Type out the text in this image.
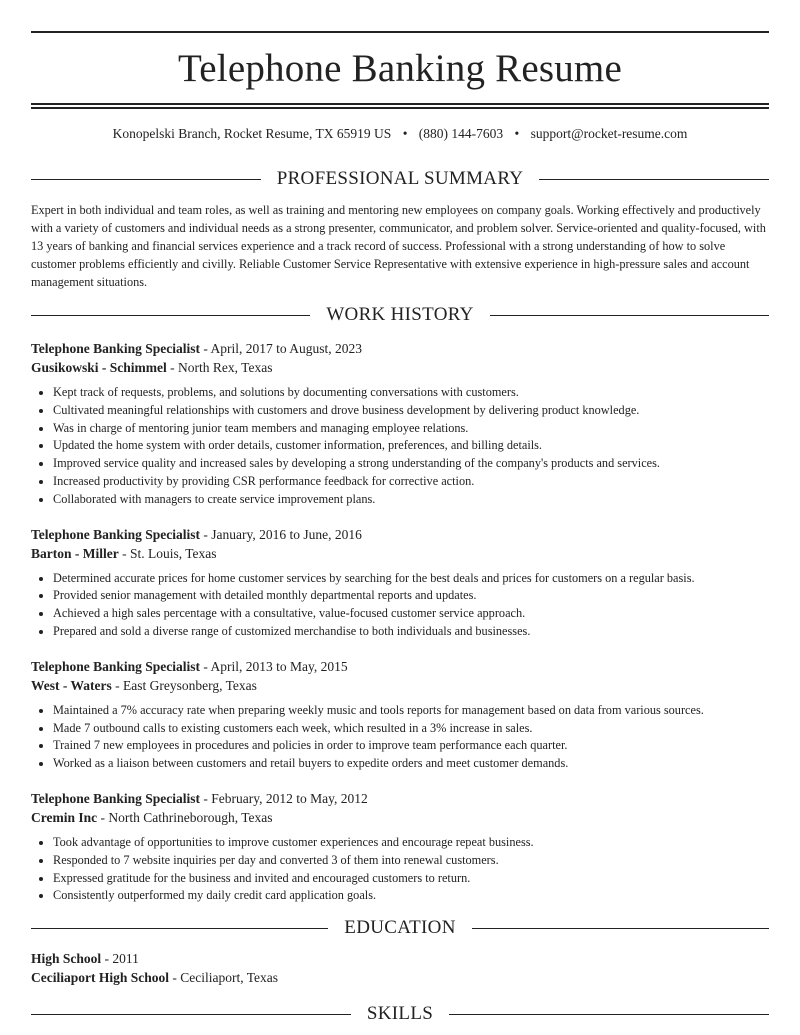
Telephone Banking Resume
Konopelski Branch, Rocket Resume, TX 65919 US • (880) 144-7603 • support@rocket-resume.com
PROFESSIONAL SUMMARY
Expert in both individual and team roles, as well as training and mentoring new employees on company goals. Working effectively and productively with a variety of customers and individual needs as a strong presenter, communicator, and problem solver. Service-oriented and quality-focused, with 13 years of banking and financial services experience and a track record of success. Professional with a strong understanding of how to solve customer problems efficiently and civilly. Reliable Customer Service Representative with extensive experience in high-pressure sales and account management situations.
WORK HISTORY
Telephone Banking Specialist - April, 2017 to August, 2023
Gusikowski - Schimmel - North Rex, Texas
• Kept track of requests, problems, and solutions by documenting conversations with customers.
• Cultivated meaningful relationships with customers and drove business development by delivering product knowledge.
• Was in charge of mentoring junior team members and managing employee relations.
• Updated the home system with order details, customer information, preferences, and billing details.
• Improved service quality and increased sales by developing a strong understanding of the company's products and services.
• Increased productivity by providing CSR performance feedback for corrective action.
• Collaborated with managers to create service improvement plans.
Telephone Banking Specialist - January, 2016 to June, 2016
Barton - Miller - St. Louis, Texas
• Determined accurate prices for home customer services by searching for the best deals and prices for customers on a regular basis.
• Provided senior management with detailed monthly departmental reports and updates.
• Achieved a high sales percentage with a consultative, value-focused customer service approach.
• Prepared and sold a diverse range of customized merchandise to both individuals and businesses.
Telephone Banking Specialist - April, 2013 to May, 2015
West - Waters - East Greysonberg, Texas
• Maintained a 7% accuracy rate when preparing weekly music and tools reports for management based on data from various sources.
• Made 7 outbound calls to existing customers each week, which resulted in a 3% increase in sales.
• Trained 7 new employees in procedures and policies in order to improve team performance each quarter.
• Worked as a liaison between customers and retail buyers to expedite orders and meet customer demands.
Telephone Banking Specialist - February, 2012 to May, 2012
Cremin Inc - North Cathrineborough, Texas
• Took advantage of opportunities to improve customer experiences and encourage repeat business.
• Responded to 7 website inquiries per day and converted 3 of them into renewal customers.
• Expressed gratitude for the business and invited and encouraged customers to return.
• Consistently outperformed my daily credit card application goals.
EDUCATION
High School - 2011
Ceciliaport High School - Ceciliaport, Texas
SKILLS
